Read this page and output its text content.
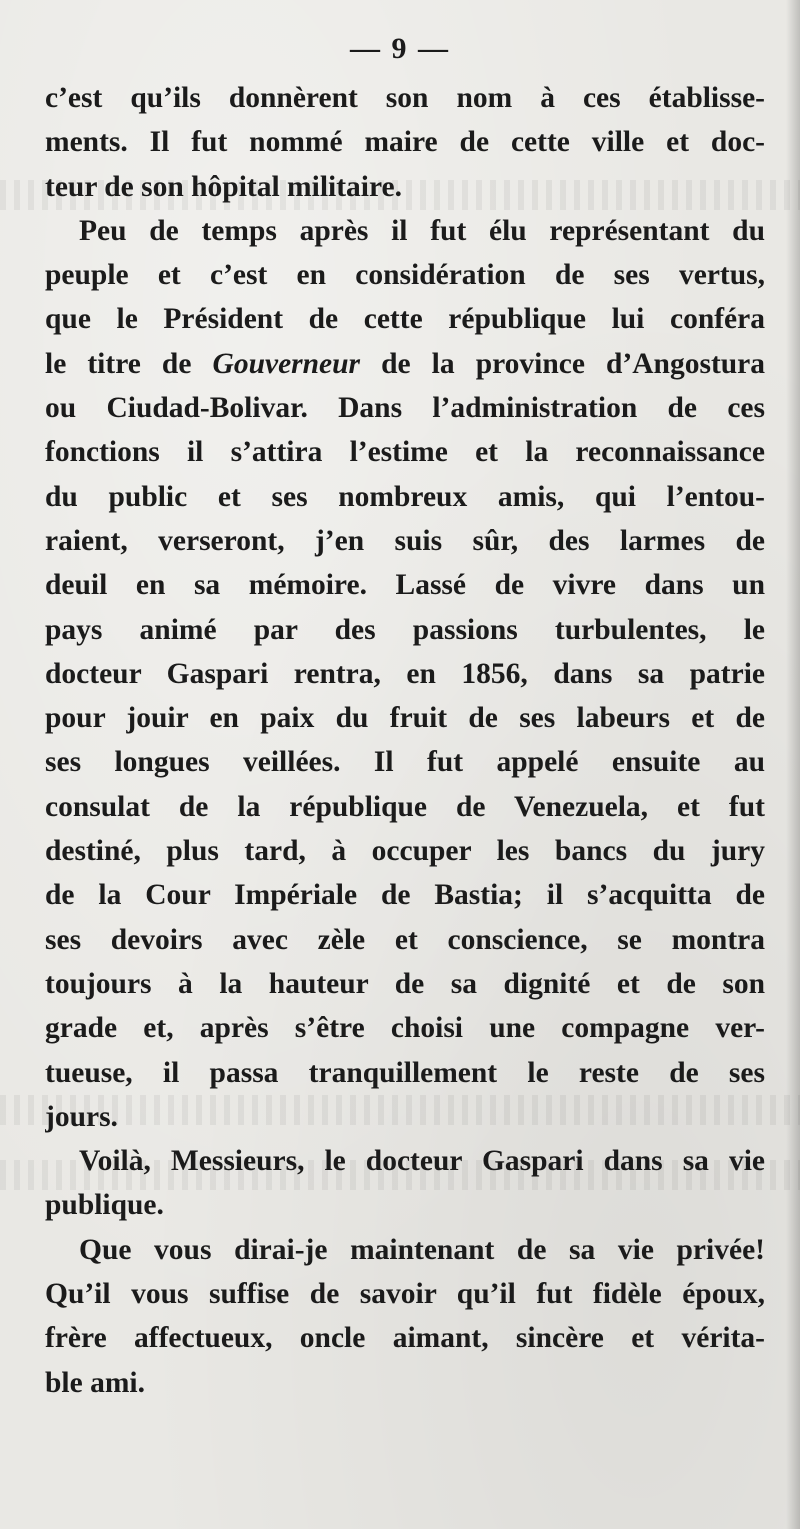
— 9 —

c’est qu’ils donnèrent son nom à ces établisse-
ments. Il fut nommé maire de cette ville et doc-
teur de son hôpital militaire.
Peu de temps après il fut élu représentant du
peuple et c’est en considération de ses vertus,
que le Président de cette république lui conféra
le titre de Gouverneur de la province d’Angostura
ou Ciudad-Bolivar. Dans l’administration de ces
fonctions il s’attira l’estime et la reconnaissance
du public et ses nombreux amis, qui l’entou-
raient, verseront, j’en suis sûr, des larmes de
deuil en sa mémoire. Lassé de vivre dans un
pays animé par des passions turbulentes, le
docteur Gaspari rentra, en 1856, dans sa patrie
pour jouir en paix du fruit de ses labeurs et de
ses longues veillées. Il fut appelé ensuite au
consulat de la république de Venezuela, et fut
destiné, plus tard, à occuper les bancs du jury
de la Cour Impériale de Bastia; il s’acquitta de
ses devoirs avec zèle et conscience, se montra
toujours à la hauteur de sa dignité et de son
grade et, après s’être choisi une compagne ver-
tueuse, il passa tranquillement le reste de ses
jours.
Voilà, Messieurs, le docteur Gaspari dans sa vie
publique.
Que vous dirai-je maintenant de sa vie privée!
Qu’il vous suffise de savoir qu’il fut fidèle époux,
frère affectueux, oncle aimant, sincère et vérita-
ble ami.
